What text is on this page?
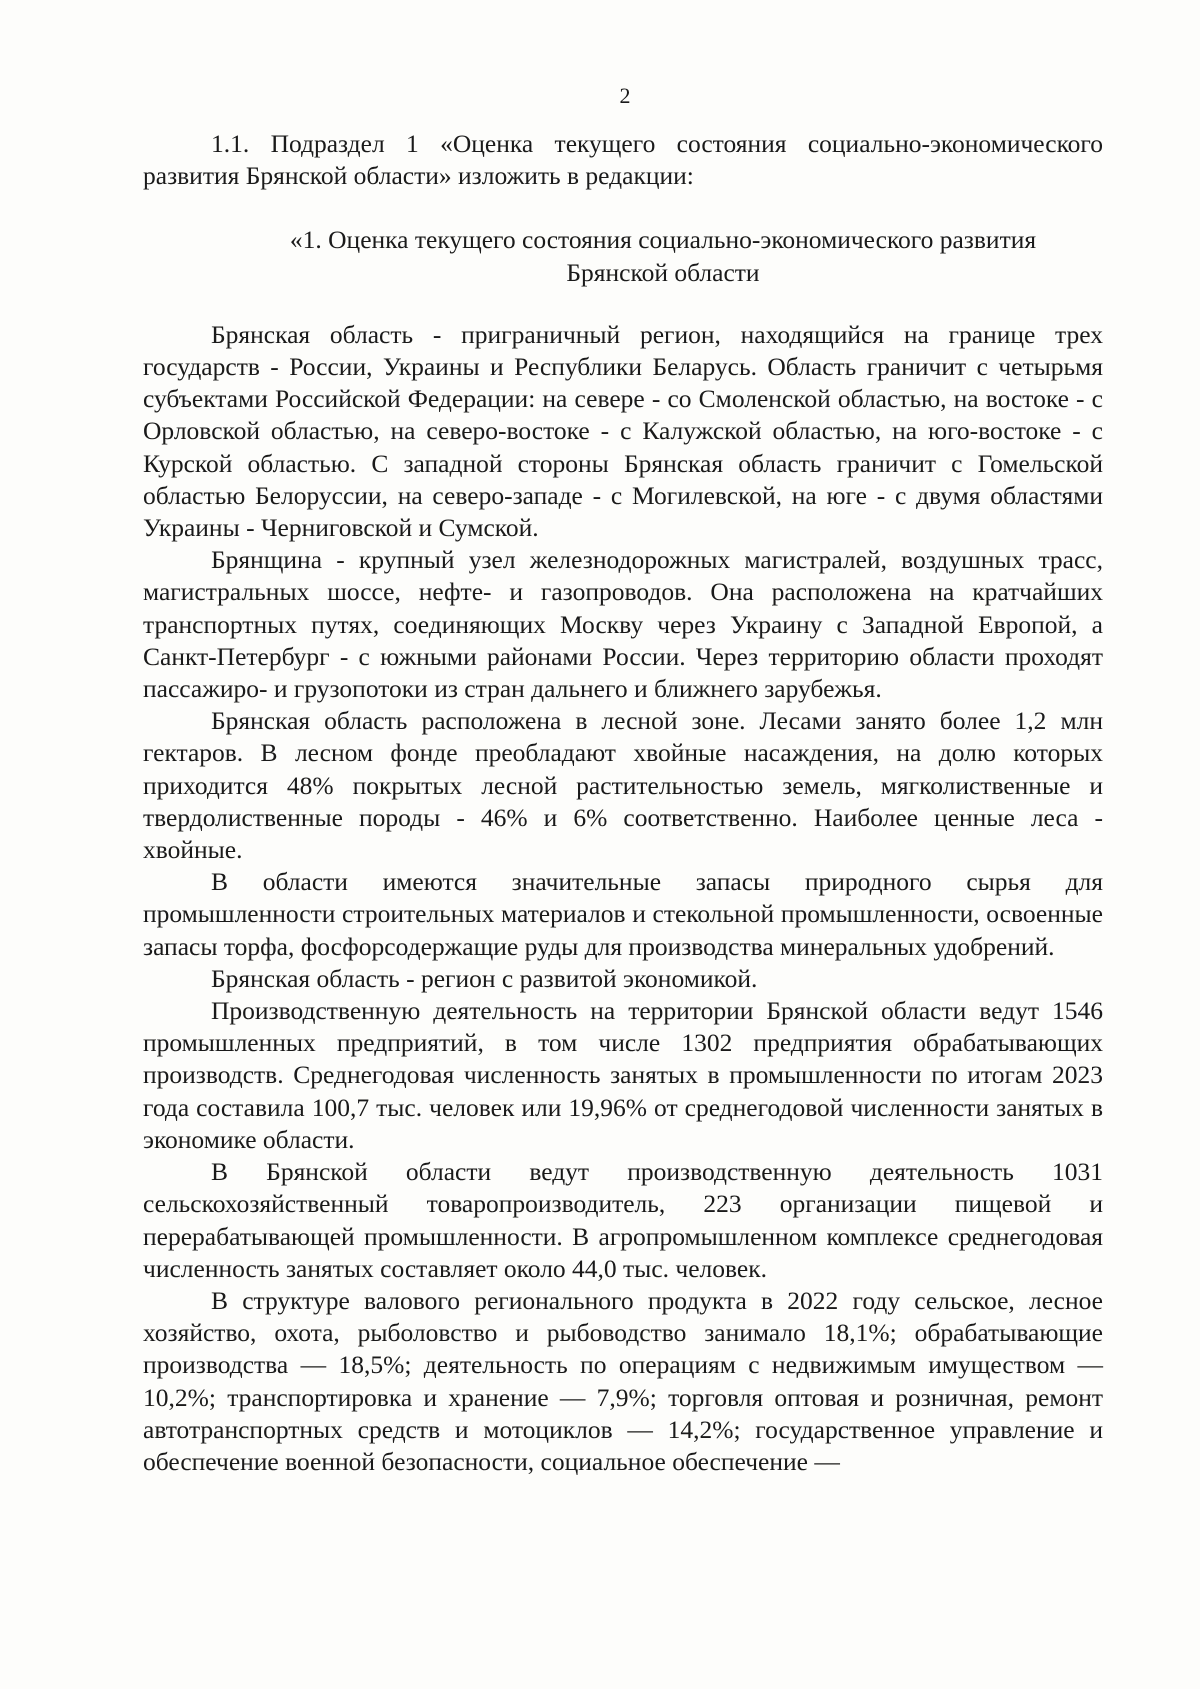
2

1.1. Подраздел 1 «Оценка текущего состояния социально-экономического развития Брянской области» изложить в редакции:

«1. Оценка текущего состояния социально-экономического развития
Брянской области

Брянская область - приграничный регион, находящийся на границе трех государств - России, Украины и Республики Беларусь. Область граничит с четырьмя субъектами Российской Федерации: на севере - со Смоленской областью, на востоке - с Орловской областью, на северо-востоке - с Калужской областью, на юго-востоке - с Курской областью. С западной стороны Брянская область граничит с Гомельской областью Белоруссии, на северо-западе - с Могилевской, на юге - с двумя областями Украины - Черниговской и Сумской.

Брянщина - крупный узел железнодорожных магистралей, воздушных трасс, магистральных шоссе, нефте- и газопроводов. Она расположена на кратчайших транспортных путях, соединяющих Москву через Украину с Западной Европой, а Санкт-Петербург - с южными районами России. Через территорию области проходят пассажиро- и грузопотоки из стран дальнего и ближнего зарубежья.

Брянская область расположена в лесной зоне. Лесами занято более 1,2 млн гектаров. В лесном фонде преобладают хвойные насаждения, на долю которых приходится 48% покрытых лесной растительностью земель, мягколиственные и твердолиственные породы - 46% и 6% соответственно. Наиболее ценные леса - хвойные.

В области имеются значительные запасы природного сырья для промышленности строительных материалов и стекольной промышленности, освоенные запасы торфа, фосфорсодержащие руды для производства минеральных удобрений.

Брянская область - регион с развитой экономикой.

Производственную деятельность на территории Брянской области ведут 1546 промышленных предприятий, в том числе 1302 предприятия обрабатывающих производств. Среднегодовая численность занятых в промышленности по итогам 2023 года составила 100,7 тыс. человек или 19,96% от среднегодовой численности занятых в экономике области.

В Брянской области ведут производственную деятельность 1031 сельскохозяйственный товаропроизводитель, 223 организации пищевой и перерабатывающей промышленности. В агропромышленном комплексе среднегодовая численность занятых составляет около 44,0 тыс. человек.

В структуре валового регионального продукта в 2022 году сельское, лесное хозяйство, охота, рыболовство и рыбоводство занимало 18,1%; обрабатывающие производства — 18,5%; деятельность по операциям с недвижимым имуществом — 10,2%; транспортировка и хранение — 7,9%; торговля оптовая и розничная, ремонт автотранспортных средств и мотоциклов — 14,2%; государственное управление и обеспечение военной безопасности, социальное обеспечение —
